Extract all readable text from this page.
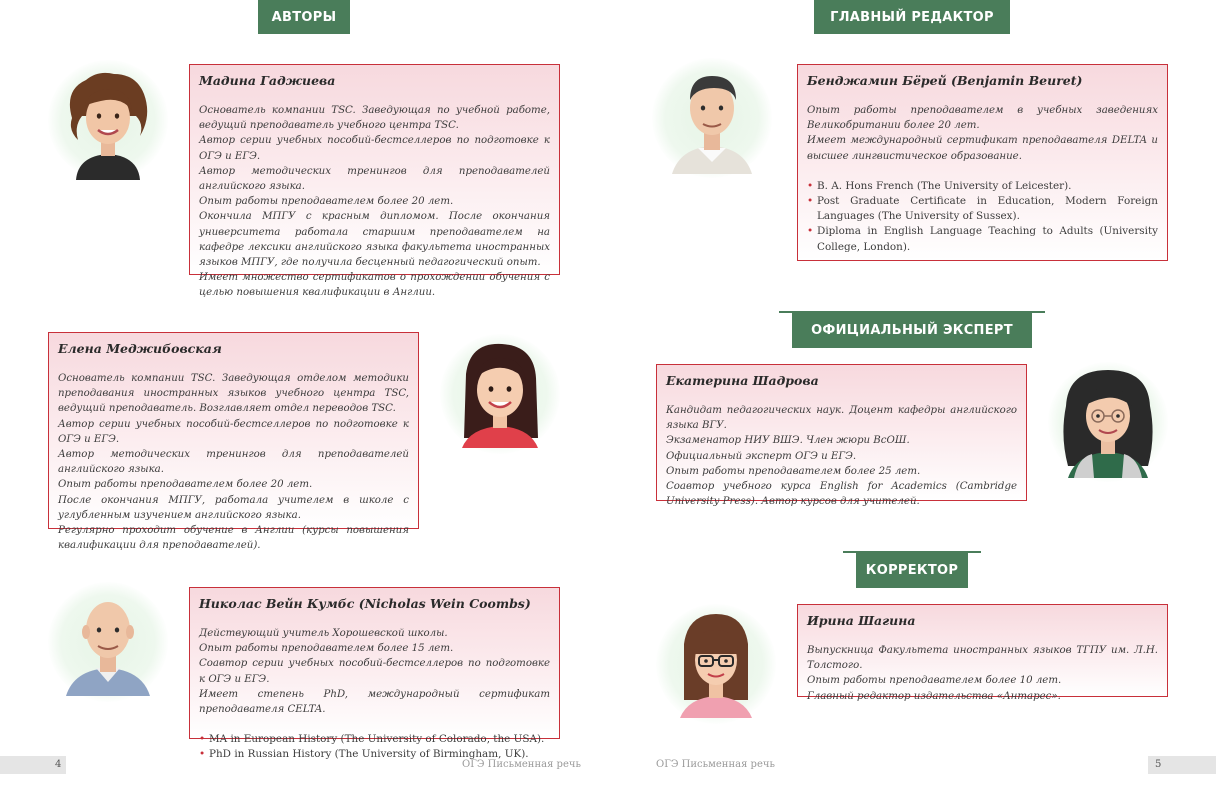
АВТОРЫ	ГЛАВНЫЙ РЕДАКТОР
ОФИЦИАЛЬНЫЙ ЭКСПЕРТ
КОРРЕКТОР
Мадина Гаджиева

Основатель компании TSC. Заведующая по учебной работе, ведущий преподаватель учебного центра TSC.

Автор серии учебных пособий-бестселлеров по подготовке к ОГЭ и ЕГЭ.

Автор методических тренингов для преподавателей английского языка.

Опыт работы преподавателем более 20 лет.

Окончила МПГУ с красным дипломом. После окончания университета работала старшим преподавателем на кафедре лексики английского языка факультета иностранных языков МПГУ, где получила бесценный педагогический опыт.

Имеет множество сертификатов о прохождении обучения с целью повышения квалификации в Англии.

Елена Меджибовская

Основатель компании TSC. Заведующая отделом методики преподавания иностранных языков учебного центра TSC, ведущий преподаватель. Возглавляет отдел переводов TSC.

Автор серии учебных пособий-бестселлеров по подготовке к ОГЭ и ЕГЭ.

Автор методических тренингов для преподавателей английского языка.

Опыт работы преподавателем более 20 лет.

После окончания МПГУ, работала учителем в школе с углубленным изучением английского языка.

Регулярно проходит обучение в Англии (курсы повышения квалификации для преподавателей).

Николас Вейн Кумбс (Nicholas Wein Coombs)

Действующий учитель Хорошевской школы.

Опыт работы преподавателем более 15 лет.

Соавтор серии учебных пособий-бестселлеров по подготовке к ОГЭ и ЕГЭ.

Имеет степень PhD, международный сертификат преподавателя CELTA.

• MA in European History (The University of Colorado, the USA).
• PhD in Russian History (The University of Birmingham, UK).
Бенджамин Бёрей (Benjamin Beuret)

Опыт работы преподавателем в учебных заведениях Великобритании более 20 лет.

Имеет международный сертификат преподавателя DELTA и высшее лингвистическое образование.

• B. A. Hons French (The University of Leicester).
• Post Graduate Certificate in Education, Modern Foreign Languages (The University of Sussex).
• Diploma in English Language Teaching to Adults (University College, London).
Екатерина Шадрова

Кандидат педагогических наук. Доцент кафедры английского языка ВГУ.

Экзаменатор НИУ ВШЭ. Член жюри ВсОШ.

Официальный эксперт ОГЭ и ЕГЭ.

Опыт работы преподавателем более 25 лет.

Соавтор учебного курса English for Academics (Cambridge University Press). Автор курсов для учителей.

Ирина Шагина

Выпускница Факультета иностранных языков ТГПУ им. Л.Н. Толстого.

Опыт работы преподавателем более 10 лет.

Главный редактор издательства «Антарес».

4	ОГЭ Письменная речь	ОГЭ Письменная речь	5
